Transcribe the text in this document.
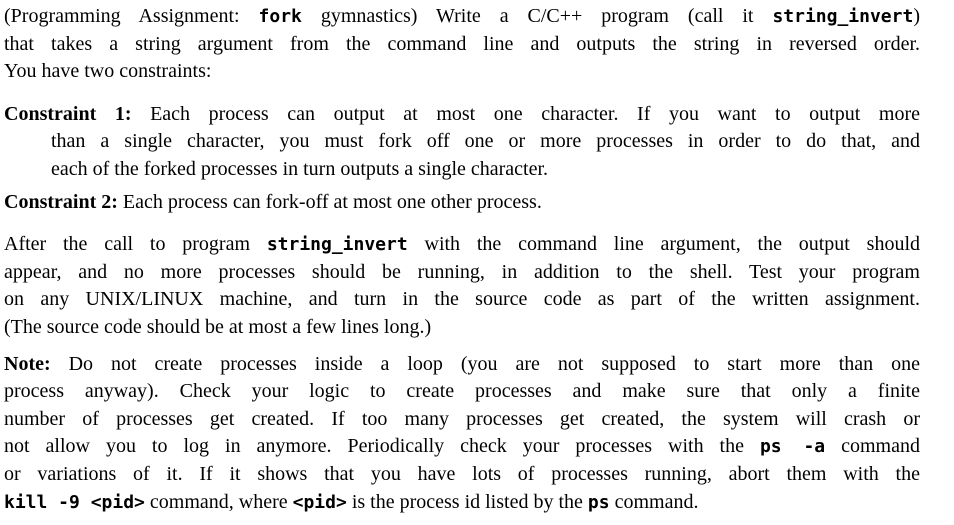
(Programming Assignment: fork gymnastics) Write a C/C++ program (call it string_invert)
that takes a string argument from the command line and outputs the string in reversed order.
You have two constraints:
Constraint 1: Each process can output at most one character. If you want to output more
than a single character, you must fork off one or more processes in order to do that, and
each of the forked processes in turn outputs a single character.
Constraint 2: Each process can fork-off at most one other process.
After the call to program string_invert with the command line argument, the output should
appear, and no more processes should be running, in addition to the shell. Test your program
on any UNIX/LINUX machine, and turn in the source code as part of the written assignment.
(The source code should be at most a few lines long.)
Note: Do not create processes inside a loop (you are not supposed to start more than one
process anyway). Check your logic to create processes and make sure that only a finite
number of processes get created. If too many processes get created, the system will crash or
not allow you to log in anymore. Periodically check your processes with the ps -a command
or variations of it. If it shows that you have lots of processes running, abort them with the
kill -9 <pid> command, where <pid> is the process id listed by the ps command.
